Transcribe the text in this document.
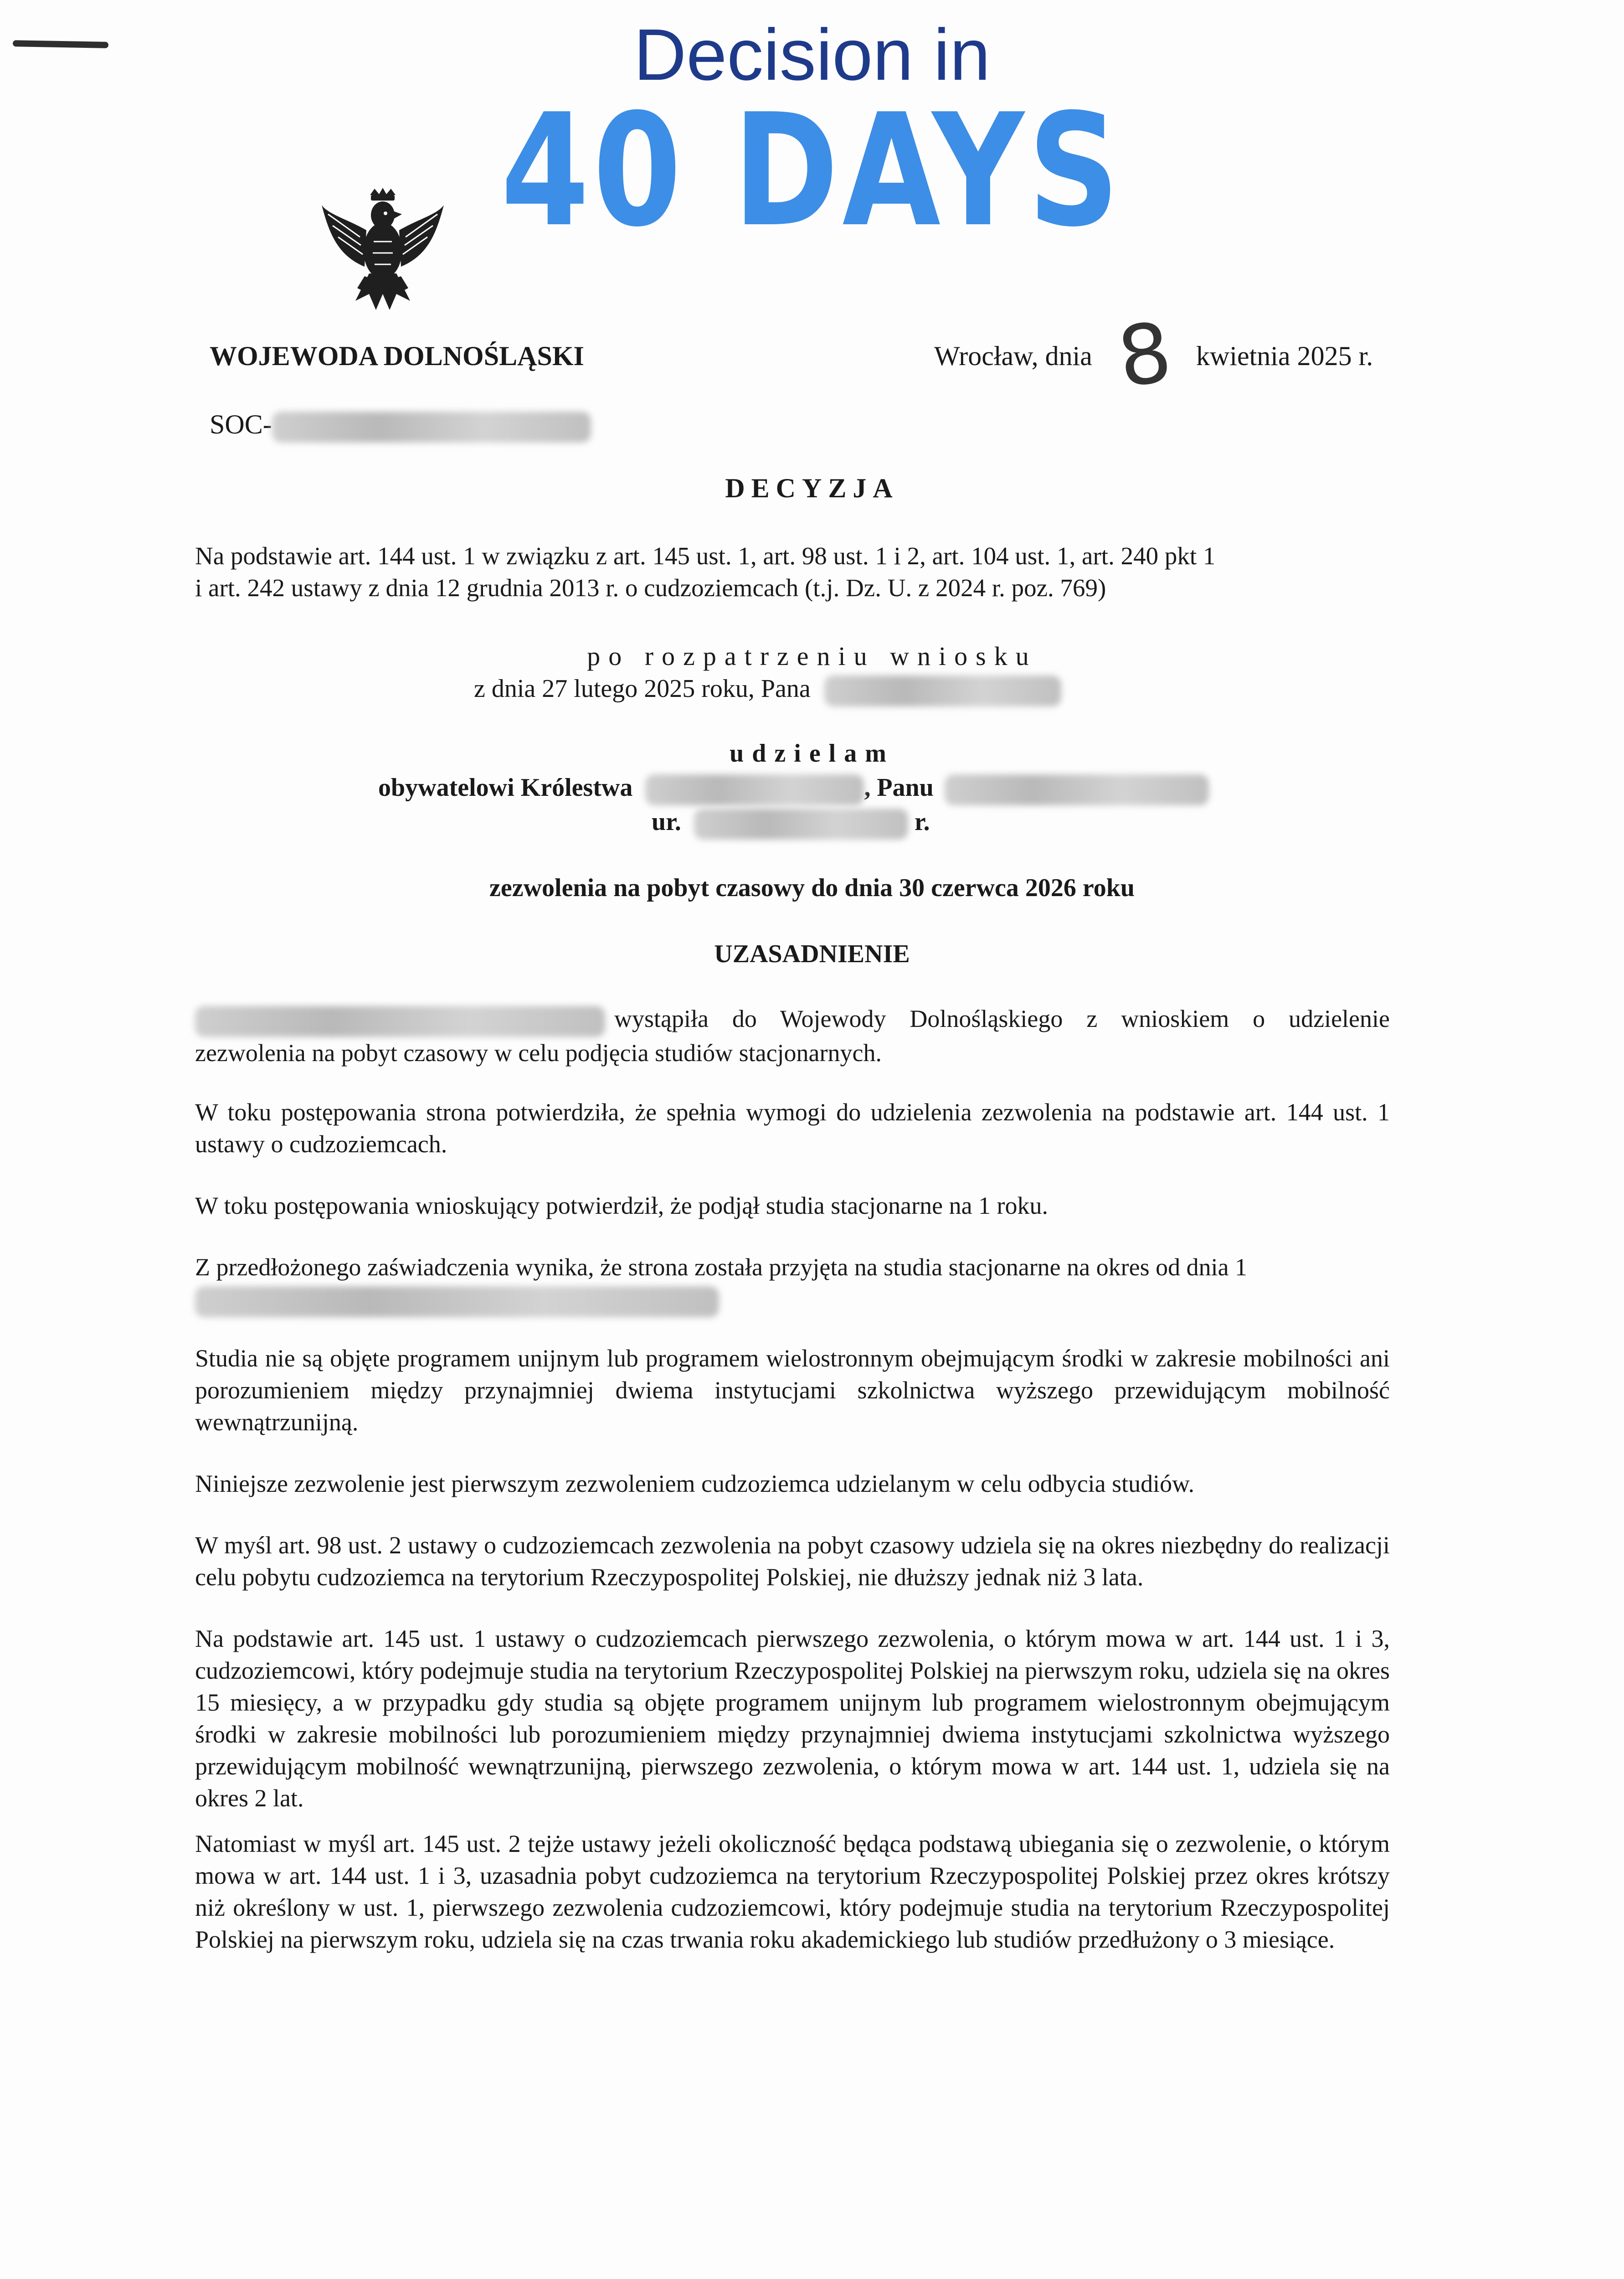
Decision in
40 DAYS
WOJEWODA DOLNOŚLĄSKI	Wrocław, dnia 8 kwietnia 2025 r.
SOC-
DECYZJA
Na podstawie art. 144 ust. 1 w związku z art. 145 ust. 1, art. 98 ust. 1 i 2, art. 104 ust. 1, art. 240 pkt 1
i art. 242 ustawy z dnia 12 grudnia 2013 r. o cudzoziemcach (t.j. Dz. U. z 2024 r. poz. 769)
po rozpatrzeniu wniosku
z dnia 27 lutego 2025 roku, Pana
udzielam
obywatelowi Królestwa	, Panu
ur.	r.
zezwolenia na pobyt czasowy do dnia 30 czerwca 2026 roku
UZASADNIENIE
wystąpiła do Wojewody Dolnośląskiego z wnioskiem o udzielenie
zezwolenia na pobyt czasowy w celu podjęcia studiów stacjonarnych.
W toku postępowania strona potwierdziła, że spełnia wymogi do udzielenia zezwolenia na podstawie art. 144 ust. 1 ustawy o cudzoziemcach.
W toku postępowania wnioskujący potwierdził, że podjął studia stacjonarne na 1 roku.
Z przedłożonego zaświadczenia wynika, że strona została przyjęta na studia stacjonarne na okres od dnia 1
Studia nie są objęte programem unijnym lub programem wielostronnym obejmującym środki w zakresie mobilności ani porozumieniem między przynajmniej dwiema instytucjami szkolnictwa wyższego przewidującym mobilność wewnątrzunijną.
Niniejsze zezwolenie jest pierwszym zezwoleniem cudzoziemca udzielanym w celu odbycia studiów.
W myśl art. 98 ust. 2 ustawy o cudzoziemcach zezwolenia na pobyt czasowy udziela się na okres niezbędny do realizacji celu pobytu cudzoziemca na terytorium Rzeczypospolitej Polskiej, nie dłuższy jednak niż 3 lata.
Na podstawie art. 145 ust. 1 ustawy o cudzoziemcach pierwszego zezwolenia, o którym mowa w art. 144 ust. 1 i 3, cudzoziemcowi, który podejmuje studia na terytorium Rzeczypospolitej Polskiej na pierwszym roku, udziela się na okres 15 miesięcy, a w przypadku gdy studia są objęte programem unijnym lub programem wielostronnym obejmującym środki w zakresie mobilności lub porozumieniem między przynajmniej dwiema instytucjami szkolnictwa wyższego przewidującym mobilność wewnątrzunijną, pierwszego zezwolenia, o którym mowa w art. 144 ust. 1, udziela się na okres 2 lat.
Natomiast w myśl art. 145 ust. 2 tejże ustawy jeżeli okoliczność będąca podstawą ubiegania się o zezwolenie, o którym mowa w art. 144 ust. 1 i 3, uzasadnia pobyt cudzoziemca na terytorium Rzeczypospolitej Polskiej przez okres krótszy niż określony w ust. 1, pierwszego zezwolenia cudzoziemcowi, który podejmuje studia na terytorium Rzeczypospolitej Polskiej na pierwszym roku, udziela się na czas trwania roku akademickiego lub studiów przedłużony o 3 miesiące.
